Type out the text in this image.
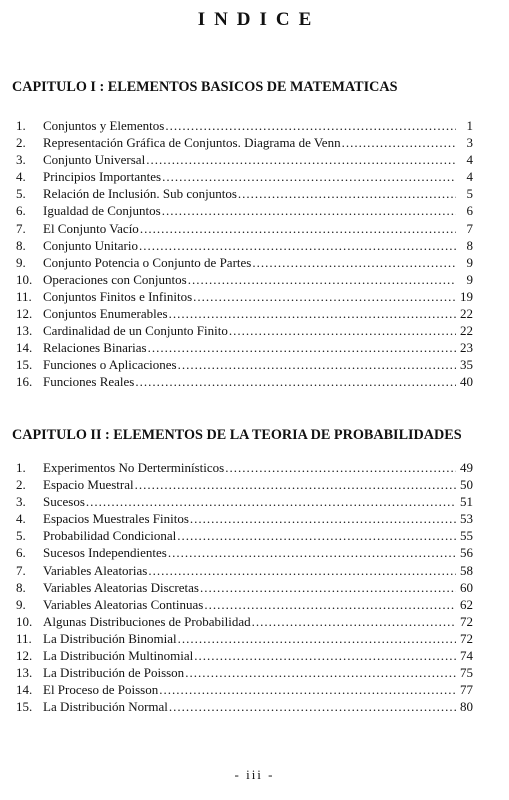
INDICE
CAPITULO I : ELEMENTOS BASICOS DE MATEMATICAS
1.	Conjuntos y Elementos .....	1
2.	Representación Gráfica de Conjuntos. Diagrama de Venn .....	3
3.	Conjunto Universal .....	4
4.	Principios Importantes .....	4
5.	Relación de Inclusión. Sub conjuntos .....	5
6.	Igualdad de Conjuntos .....	6
7.	El Conjunto Vacío .....	7
8.	Conjunto Unitario .....	8
9.	Conjunto Potencia o Conjunto de Partes .....	9
10. Operaciones con Conjuntos .....	9
11. Conjuntos Finitos e Infinitos .....	19
12. Conjuntos Enumerables .....	22
13. Cardinalidad de un Conjunto Finito .....	22
14. Relaciones Binarias .....	23
15. Funciones o Aplicaciones .....	35
16. Funciones Reales .....	40
CAPITULO II : ELEMENTOS DE LA TEORIA DE PROBABILIDADES
1.	Experimentos No Derterminísticos .....	49
2.	Espacio Muestral .....	50
3.	Sucesos .....	51
4.	Espacios Muestrales Finitos .....	53
5.	Probabilidad Condicional .....	55
6.	Sucesos Independientes .....	56
7.	Variables Aleatorias .....	58
8.	Variables Aleatorias Discretas .....	60
9.	Variables Aleatorias Continuas .....	62
10. Algunas Distribuciones de Probabilidad .....	72
11. La Distribución Binomial .....	72
12. La Distribución Multinomial .....	74
13. La Distribución de Poisson .....	75
14. El Proceso de Poisson .....	77
15. La Distribución Normal .....	80
- iii -
